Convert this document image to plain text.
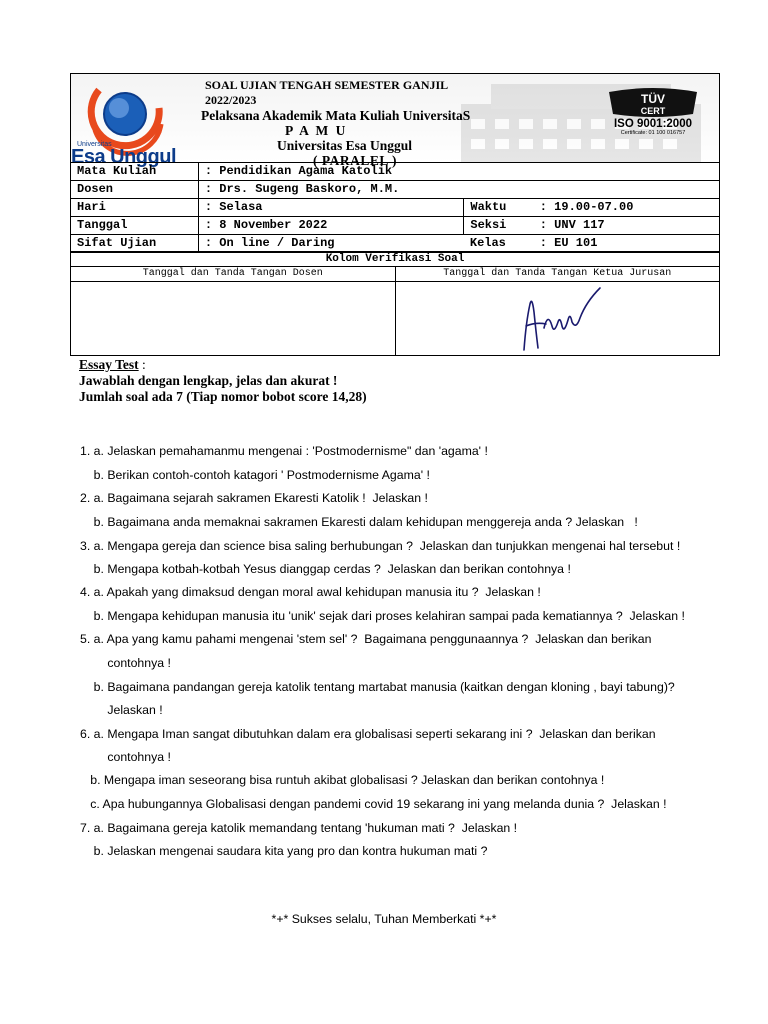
Universitas
Esa Unggul
SOAL UJIAN TENGAH SEMESTER GANJIL 2022/2023
Pelaksana Akademik Mata Kuliah UniversitaS
P A M U
Universitas Esa Unggul
( PARALEL )
TÜV
CERT
ISO 9001:2000
Certificate: 01 100 016757
Mata Kuliah	: Pendidikan Agama Katolik		
Dosen	: Drs. Sugeng Baskoro, M.M.		
Hari	: Selasa	Waktu	: 19.00-07.00
Tanggal	: 8 November 2022	Seksi	: UNV 117
Sifat Ujian	: On line / Daring	Kelas	: EU 101
Kolom Verifikasi Soal
Tanggal dan Tanda Tangan Dosen	Tanggal dan Tanda Tangan Ketua Jurusan
Essay Test :
Jawablah dengan lengkap, jelas dan akurat !
Jumlah soal ada 7 (Tiap nomor bobot score 14,28)
1. a. Jelaskan pemahamanmu mengenai : 'Postmodernisme" dan 'agama' !
b. Berikan contoh-contoh katagori ' Postmodernisme Agama' !
2. a. Bagaimana sejarah sakramen Ekaresti Katolik !  Jelaskan !
b. Bagaimana anda memaknai sakramen Ekaresti dalam kehidupan menggereja anda ? Jelaskan   !
3. a. Mengapa gereja dan science bisa saling berhubungan ?  Jelaskan dan tunjukkan mengenai hal tersebut !
b. Mengapa kotbah-kotbah Yesus dianggap cerdas ?  Jelaskan dan berikan contohnya !
4. a. Apakah yang dimaksud dengan moral awal kehidupan manusia itu ?  Jelaskan !
b. Mengapa kehidupan manusia itu 'unik' sejak dari proses kelahiran sampai pada kematiannya ?  Jelaskan !
5. a. Apa yang kamu pahami mengenai 'stem sel' ?  Bagaimana penggunaannya ?  Jelaskan dan berikan
contohnya !
b. Bagaimana pandangan gereja katolik tentang martabat manusia (kaitkan dengan kloning , bayi tabung)?
Jelaskan !
6. a. Mengapa Iman sangat dibutuhkan dalam era globalisasi seperti sekarang ini ?  Jelaskan dan berikan
contohnya !
b. Mengapa iman seseorang bisa runtuh akibat globalisasi ? Jelaskan dan berikan contohnya !
c. Apa hubungannya Globalisasi dengan pandemi covid 19 sekarang ini yang melanda dunia ?  Jelaskan !
7. a. Bagaimana gereja katolik memandang tentang 'hukuman mati ?  Jelaskan !
b. Jelaskan mengenai saudara kita yang pro dan kontra hukuman mati ?
*+* Sukses selalu, Tuhan Memberkati *+*
